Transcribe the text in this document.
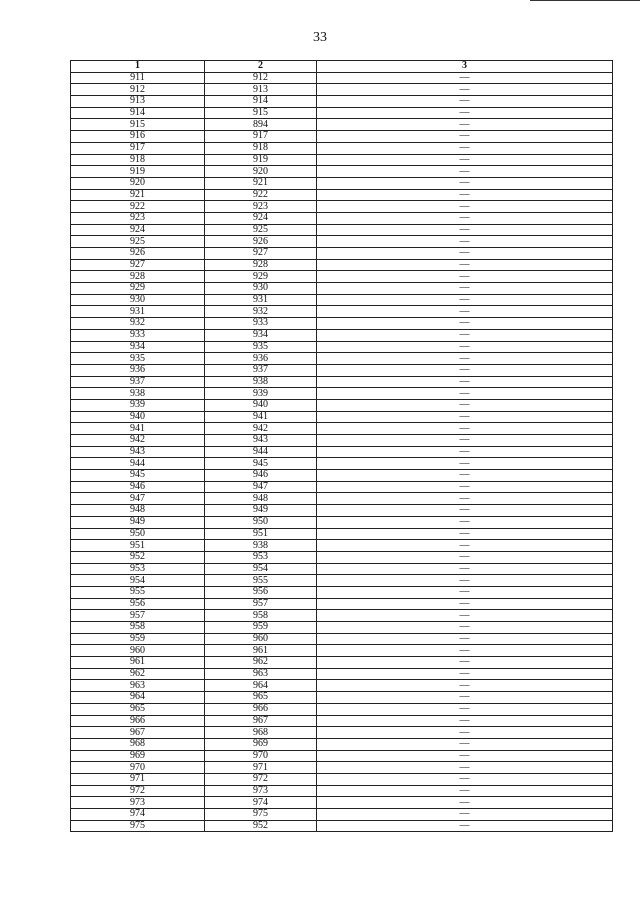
33
1	2	3
911	912	—
912	913	—
913	914	—
914	915	—
915	894	—
916	917	—
917	918	—
918	919	—
919	920	—
920	921	—
921	922	—
922	923	—
923	924	—
924	925	—
925	926	—
926	927	—
927	928	—
928	929	—
929	930	—
930	931	—
931	932	—
932	933	—
933	934	—
934	935	—
935	936	—
936	937	—
937	938	—
938	939	—
939	940	—
940	941	—
941	942	—
942	943	—
943	944	—
944	945	—
945	946	—
946	947	—
947	948	—
948	949	—
949	950	—
950	951	—
951	938	—
952	953	—
953	954	—
954	955	—
955	956	—
956	957	—
957	958	—
958	959	—
959	960	—
960	961	—
961	962	—
962	963	—
963	964	—
964	965	—
965	966	—
966	967	—
967	968	—
968	969	—
969	970	—
970	971	—
971	972	—
972	973	—
973	974	—
974	975	—
975	952	—
